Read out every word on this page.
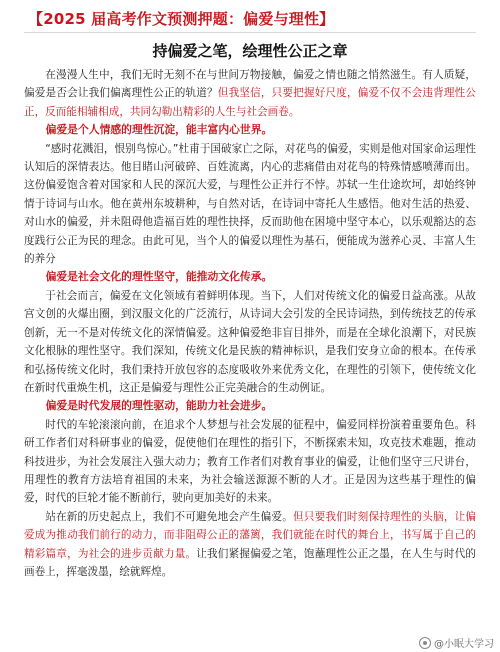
【2025 届高考作文预测押题：偏爱与理性】
持偏爱之笔，绘理性公正之章

在漫漫人生中，我们无时无刻不在与世间万物接触，偏爱之情也随之悄然滋生。有人质疑，偏爱是否会让我们偏离理性公正的轨道？但我坚信，只要把握好尺度，偏爱不仅不会违背理性公正，反而能相辅相成，共同勾勒出精彩的人生与社会画卷。

偏爱是个人情感的理性沉淀，能丰富内心世界。

“感时花溅泪，恨别鸟惊心。”杜甫于国破家亡之际，对花鸟的偏爱，实则是他对国家命运理性认知后的深情表达。他目睹山河破碎、百姓流离，内心的悲痛借由对花鸟的特殊情感喷薄而出。这份偏爱饱含着对国家和人民的深沉大爱，与理性公正并行不悖。苏轼一生仕途坎坷，却始终钟情于诗词与山水。他在黄州东坡耕种，与自然对话，在诗词中寄托人生感悟。他对生活的热爱、对山水的偏爱，并未阻碍他造福百姓的理性抉择，反而助他在困境中坚守本心，以乐观豁达的态度践行公正为民的理念。由此可见，当个人的偏爱以理性为基石，便能成为滋养心灵、丰富人生的养分

偏爱是社会文化的理性坚守，能推动文化传承。

于社会而言，偏爱在文化领域有着鲜明体现。当下，人们对传统文化的偏爱日益高涨。从故宫文创的火爆出圈，到汉服文化的广泛流行，从诗词大会引发的全民诗词热，到传统技艺的传承创新，无一不是对传统文化的深情偏爱。这种偏爱绝非盲目排外，而是在全球化浪潮下，对民族文化根脉的理性坚守。我们深知，传统文化是民族的精神标识，是我们安身立命的根本。在传承和弘扬传统文化时，我们秉持开放包容的态度吸收外来优秀文化，在理性的引领下，使传统文化在新时代重焕生机，这正是偏爱与理性公正完美融合的生动例证。

偏爱是时代发展的理性驱动，能助力社会进步。

时代的车轮滚滚向前，在追求个人梦想与社会发展的征程中，偏爱同样扮演着重要角色。科研工作者们对科研事业的偏爱，促使他们在理性的指引下，不断探索未知，攻克技术难题，推动科技进步，为社会发展注入强大动力；教育工作者们对教育事业的偏爱，让他们坚守三尺讲台，用理性的教育方法培育祖国的未来，为社会输送源源不断的人才。正是因为这些基于理性的偏爱，时代的巨轮才能不断前行，驶向更加美好的未来。

站在新的历史起点上，我们不可避免地会产生偏爱。但只要我们时刻保持理性的头脑，让偏爱成为推动我们前行的动力，而非阻碍公正的藩篱，我们就能在时代的舞台上，书写属于自己的精彩篇章，为社会的进步贡献力量。让我们紧握偏爱之笔，饱蘸理性公正之墨，在人生与时代的画卷上，挥毫泼墨，绘就辉煌。

@小眠大学习
